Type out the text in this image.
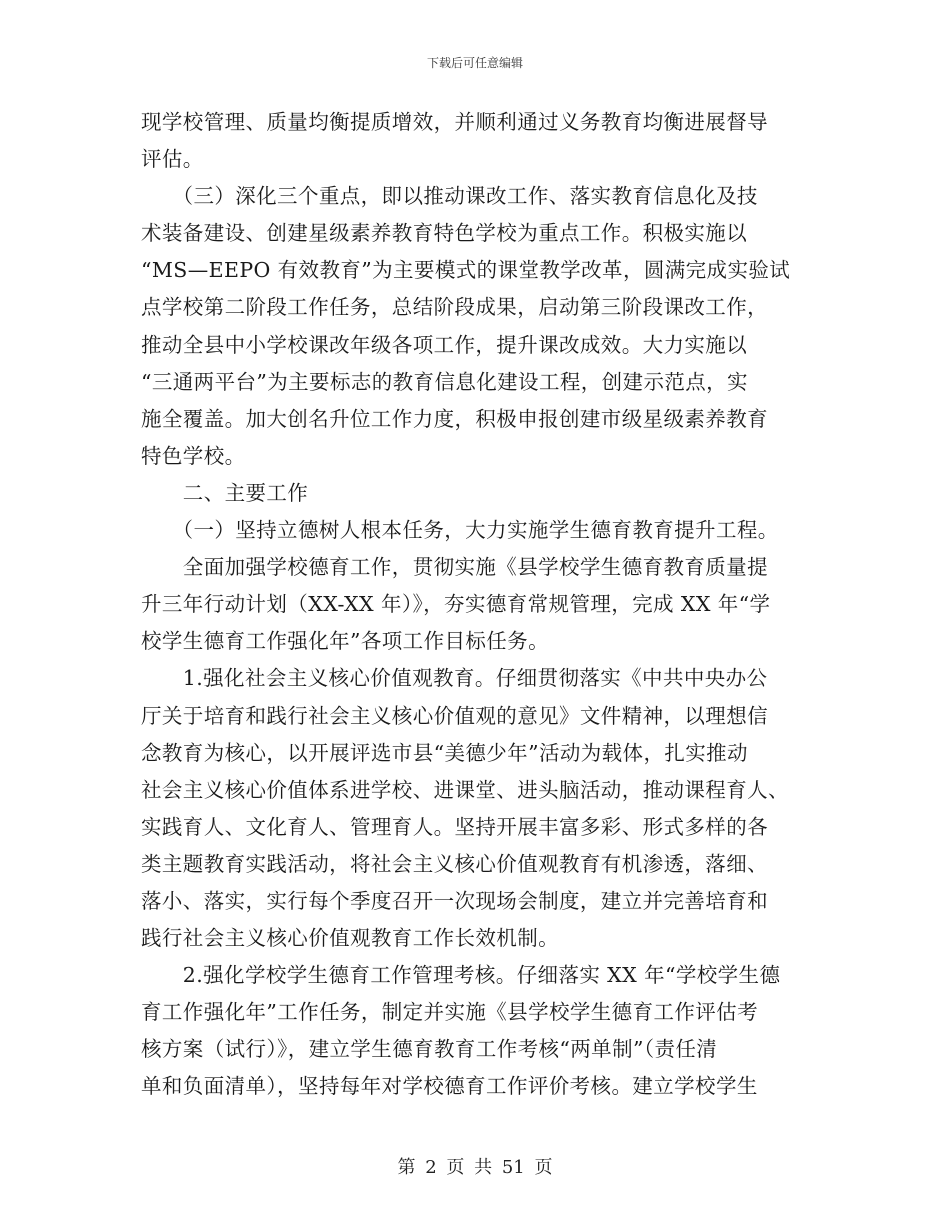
下载后可任意编辑
现学校管理、质量均衡提质增效，并顺利通过义务教育均衡进展督导
评估。
　　（三）深化三个重点，即以推动课改工作、落实教育信息化及技
术装备建设、创建星级素养教育特色学校为重点工作。积极实施以
“MS—EEPO 有效教育”为主要模式的课堂教学改革，圆满完成实验试
点学校第二阶段工作任务，总结阶段成果，启动第三阶段课改工作，
推动全县中小学校课改年级各项工作，提升课改成效。大力实施以
“三通两平台”为主要标志的教育信息化建设工程，创建示范点，实
施全覆盖。加大创名升位工作力度，积极申报创建市级星级素养教育
特色学校。
　　二、主要工作
　　（一）坚持立德树人根本任务，大力实施学生德育教育提升工程。
　　全面加强学校德育工作，贯彻实施《县学校学生德育教育质量提
升三年行动计划（XX-XX 年）》，夯实德育常规管理，完成 XX 年“学
校学生德育工作强化年”各项工作目标任务。
　　1.强化社会主义核心价值观教育。仔细贯彻落实《中共中央办公
厅关于培育和践行社会主义核心价值观的意见》文件精神，以理想信
念教育为核心，以开展评选市县“美德少年”活动为载体，扎实推动
社会主义核心价值体系进学校、进课堂、进头脑活动，推动课程育人、
实践育人、文化育人、管理育人。坚持开展丰富多彩、形式多样的各
类主题教育实践活动，将社会主义核心价值观教育有机渗透，落细、
落小、落实，实行每个季度召开一次现场会制度，建立并完善培育和
践行社会主义核心价值观教育工作长效机制。
　　2.强化学校学生德育工作管理考核。仔细落实 XX 年“学校学生德
育工作强化年”工作任务，制定并实施《县学校学生德育工作评估考
核方案（试行）》，建立学生德育教育工作考核“两单制”（责任清
单和负面清单），坚持每年对学校德育工作评价考核。建立学校学生
第 2 页 共 51 页
